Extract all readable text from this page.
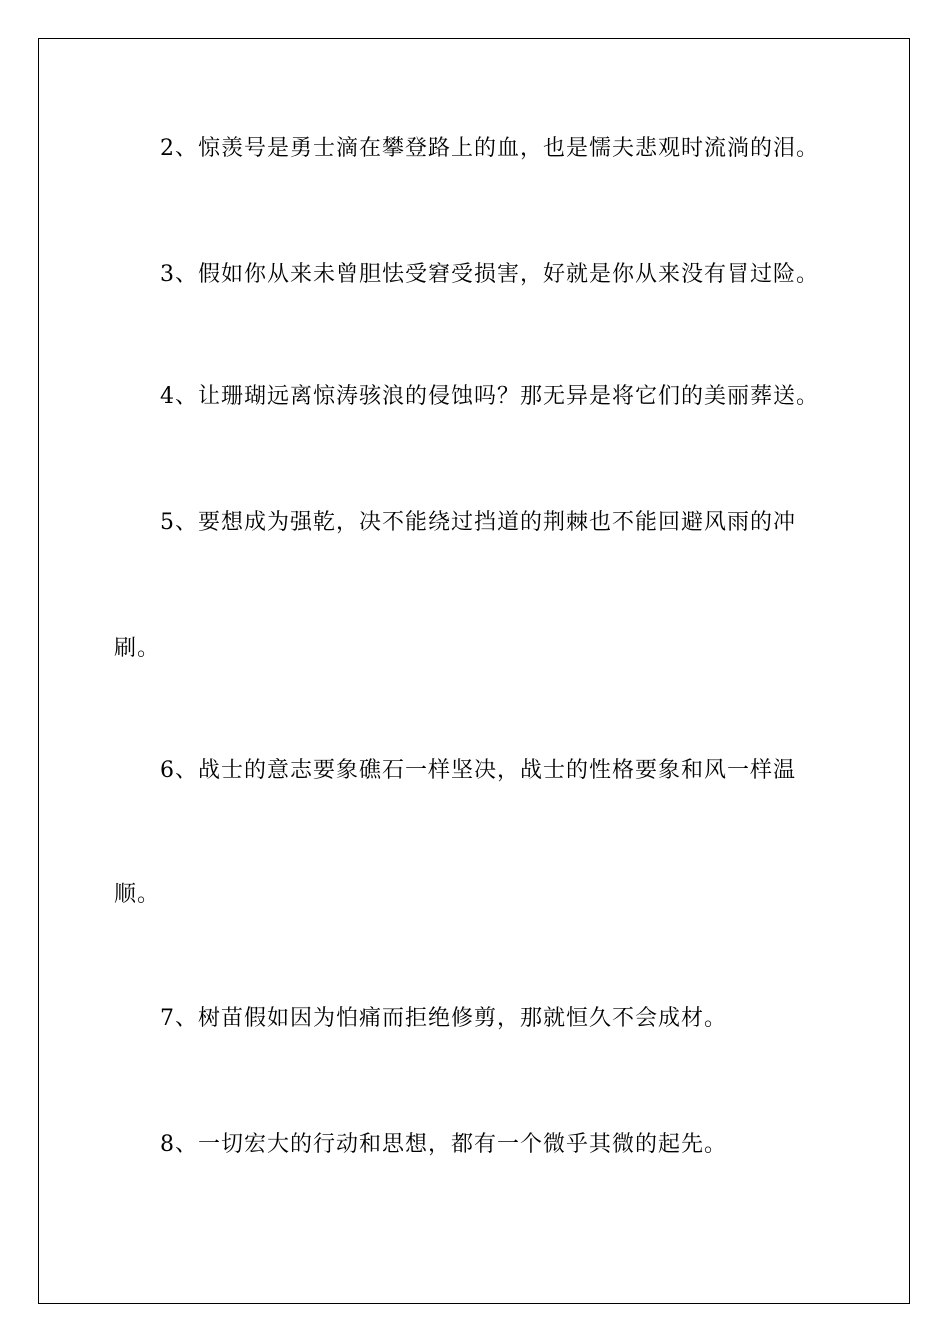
2、惊羡号是勇士滴在攀登路上的血，也是懦夫悲观时流淌的泪。
3、假如你从来未曾胆怯受窘受损害，好就是你从来没有冒过险。
4、让珊瑚远离惊涛骇浪的侵蚀吗？那无异是将它们的美丽葬送。
5、要想成为强乾，决不能绕过挡道的荆棘也不能回避风雨的冲
刷。
6、战士的意志要象礁石一样坚决，战士的性格要象和风一样温
顺。
7、树苗假如因为怕痛而拒绝修剪，那就恒久不会成材。
8、一切宏大的行动和思想，都有一个微乎其微的起先。
